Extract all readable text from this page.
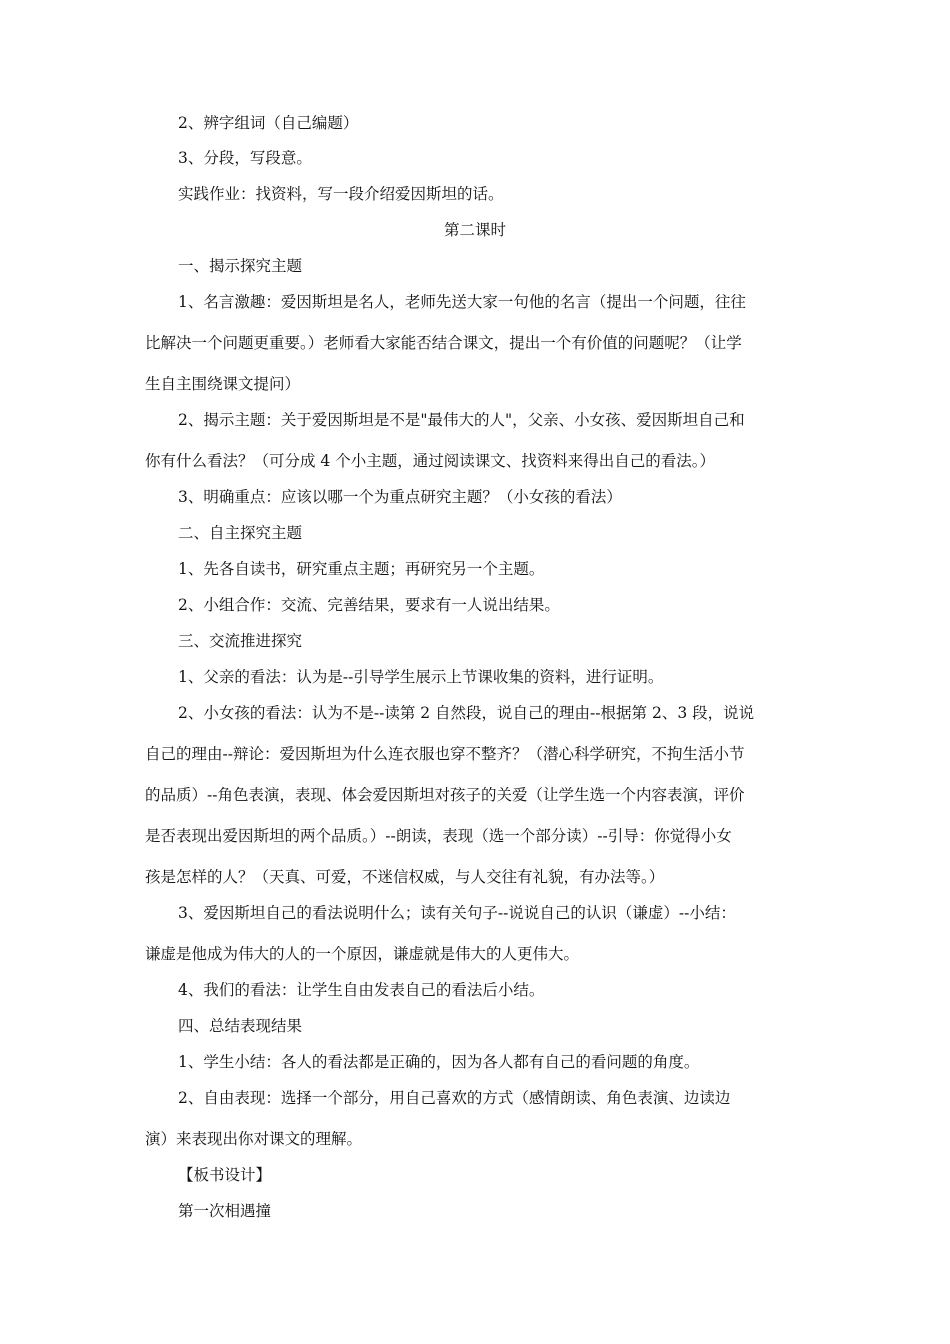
2、辨字组词（自己编题）
3、分段，写段意。
实践作业：找资料，写一段介绍爱因斯坦的话。
第二课时
一、揭示探究主题
1、名言激趣：爱因斯坦是名人，老师先送大家一句他的名言（提出一个问题，往往
比解决一个问题更重要。）老师看大家能否结合课文，提出一个有价值的问题呢？（让学
生自主围绕课文提问）
2、揭示主题：关于爱因斯坦是不是"最伟大的人"，父亲、小女孩、爱因斯坦自己和
你有什么看法？（可分成 4 个小主题，通过阅读课文、找资料来得出自己的看法。）
3、明确重点：应该以哪一个为重点研究主题？（小女孩的看法）
二、自主探究主题
1、先各自读书，研究重点主题；再研究另一个主题。
2、小组合作：交流、完善结果，要求有一人说出结果。
三、交流推进探究
1、父亲的看法：认为是--引导学生展示上节课收集的资料，进行证明。
2、小女孩的看法：认为不是--读第 2 自然段，说自己的理由--根据第 2、3 段，说说
自己的理由--辩论：爱因斯坦为什么连衣服也穿不整齐？（潜心科学研究，不拘生活小节
的品质）--角色表演，表现、体会爱因斯坦对孩子的关爱（让学生选一个内容表演，评价
是否表现出爱因斯坦的两个品质。）--朗读，表现（选一个部分读）--引导：你觉得小女
孩是怎样的人？（天真、可爱，不迷信权威，与人交往有礼貌，有办法等。）
3、爱因斯坦自己的看法说明什么；读有关句子--说说自己的认识（谦虚）--小结：
谦虚是他成为伟大的人的一个原因，谦虚就是伟大的人更伟大。
4、我们的看法：让学生自由发表自己的看法后小结。
四、总结表现结果
1、学生小结：各人的看法都是正确的，因为各人都有自己的看问题的角度。
2、自由表现：选择一个部分，用自己喜欢的方式（感情朗读、角色表演、边读边
演）来表现出你对课文的理解。
【板书设计】
第一次相遇撞
